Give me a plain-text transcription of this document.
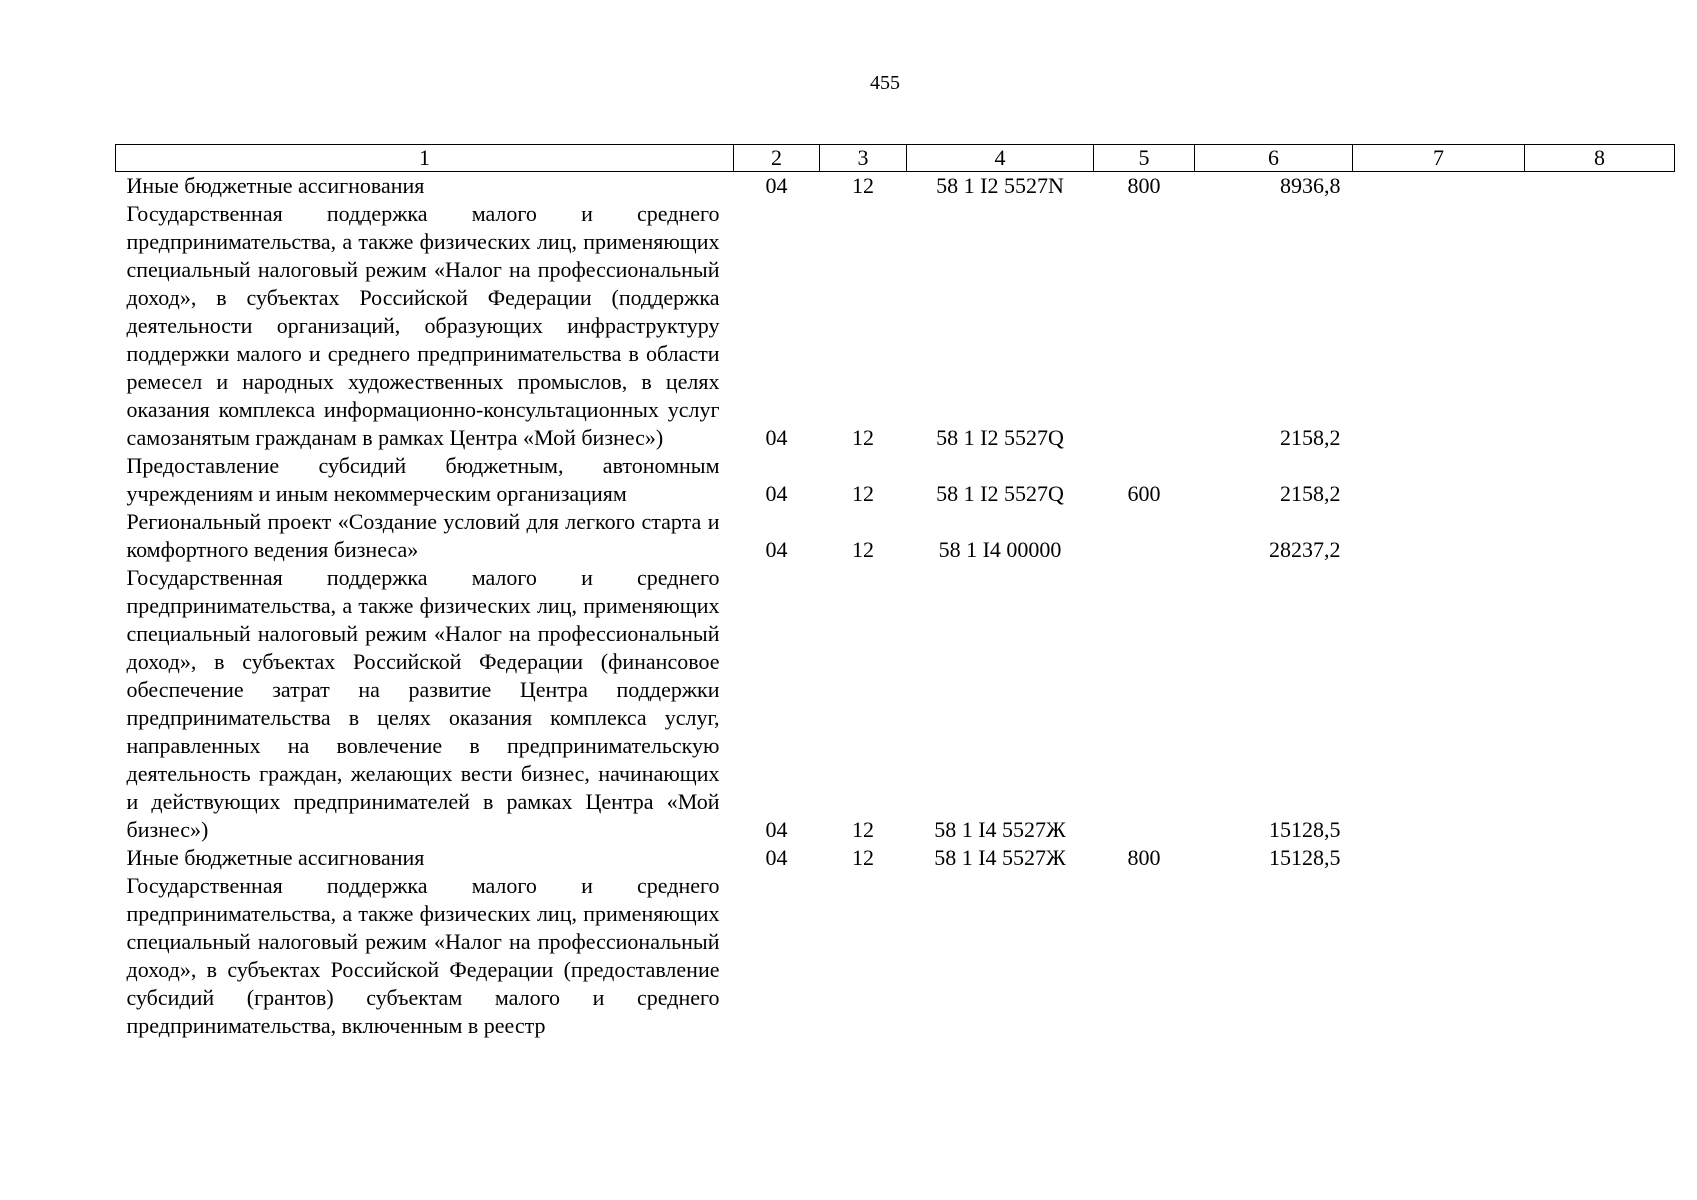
455
1	2	3	4	5	6	7	8
Иные бюджетные ассигнования	04	12	58 1 I2 5527N	800	8936,8		
Государственная поддержка малого и среднего предпринимательства, а также физических лиц, применяющих специальный налоговый режим «Налог на профессиональный доход», в субъектах Российской Федерации (поддержка деятельности организаций, образующих инфраструктуру поддержки малого и среднего предпринимательства в области ремесел и народных художественных промыслов, в целях оказания комплекса информационно-консультационных услуг самозанятым гражданам в рамках Центра «Мой бизнес»)	04	12	58 1 I2 5527Q		2158,2		
Предоставление субсидий бюджетным, автономным учреждениям и иным некоммерческим организациям	04	12	58 1 I2 5527Q	600	2158,2		
Региональный проект «Создание условий для легкого старта и комфортного ведения бизнеса»	04	12	58 1 I4 00000		28237,2		
Государственная поддержка малого и среднего предпринимательства, а также физических лиц, применяющих специальный налоговый режим «Налог на профессиональный доход», в субъектах Российской Федерации (финансовое обеспечение затрат на развитие Центра поддержки предпринимательства в целях оказания комплекса услуг, направленных на вовлечение в предпринимательскую деятельность граждан, желающих вести бизнес, начинающих и действующих предпринимателей в рамках Центра «Мой бизнес»)	04	12	58 1 I4 5527Ж		15128,5		
Иные бюджетные ассигнования	04	12	58 1 I4 5527Ж	800	15128,5		
Государственная поддержка малого и среднего предпринимательства, а также физических лиц, применяющих специальный налоговый режим «Налог на профессиональный доход», в субъектах Российской Федерации (предоставление субсидий (грантов) субъектам малого и среднего предпринимательства, включенным в реестр							
